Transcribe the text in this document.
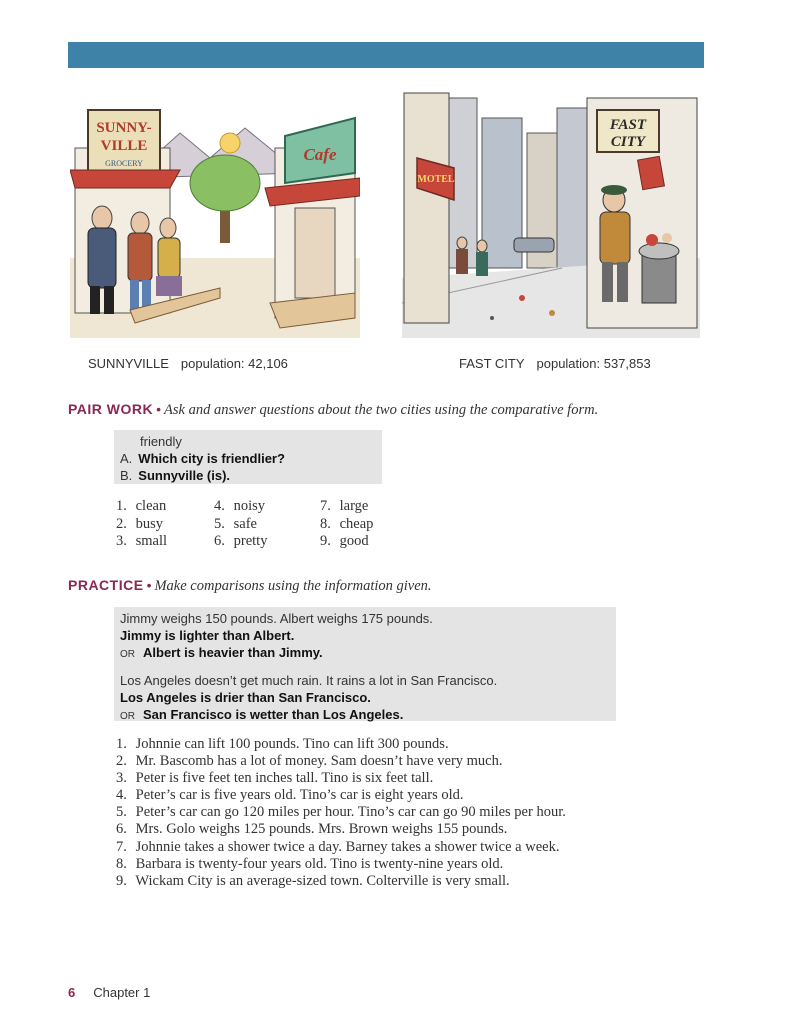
SUNNY-
VILLE
GROCERY	Cafe
MOTEL
FAST
CITY
SUNNYVILLE population: 42,106	FAST CITY population: 537,853
PAIR WORK • Ask and answer questions about the two cities using the comparative form.
friendly
A. Which city is friendlier?
B. Sunnyville (is).
1. clean
2. busy
3. small
4. noisy
5. safe
6. pretty
7. large
8. cheap
9. good
PRACTICE • Make comparisons using the information given.
Jimmy weighs 150 pounds. Albert weighs 175 pounds.
Jimmy is lighter than Albert.
OR Albert is heavier than Jimmy.
Los Angeles doesn’t get much rain. It rains a lot in San Francisco.
Los Angeles is drier than San Francisco.
OR San Francisco is wetter than Los Angeles.
1. Johnnie can lift 100 pounds. Tino can lift 300 pounds.
2. Mr. Bascomb has a lot of money. Sam doesn’t have very much.
3. Peter is five feet ten inches tall. Tino is six feet tall.
4. Peter’s car is five years old. Tino’s car is eight years old.
5. Peter’s car can go 120 miles per hour. Tino’s car can go 90 miles per hour.
6. Mrs. Golo weighs 125 pounds. Mrs. Brown weighs 155 pounds.
7. Johnnie takes a shower twice a day. Barney takes a shower twice a week.
8. Barbara is twenty-four years old. Tino is twenty-nine years old.
9. Wickam City is an average-sized town. Colterville is very small.
6 Chapter 1
